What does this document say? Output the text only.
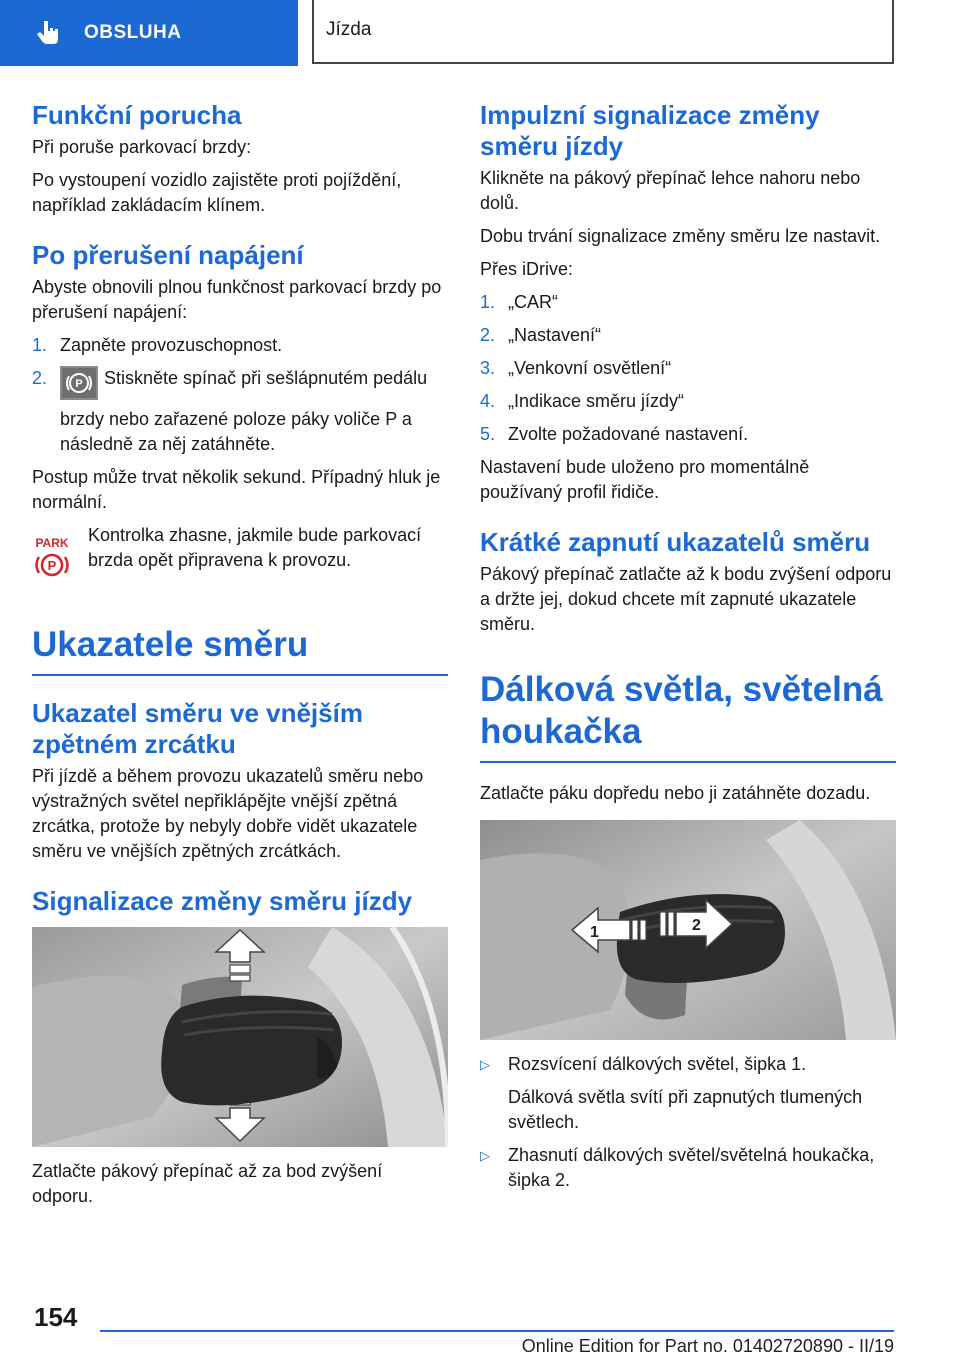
OBSLUHA	Jízda
Funkční porucha

Při poruše parkovací brzdy:

Po vystoupení vozidlo zajistěte proti pojíždění, například zakládacím klínem.

Po přerušení napájení

Abyste obnovili plnou funkčnost parkovací brzdy po přerušení napájení:

1. Zapněte provozuschopnost.
2.	P Stiskněte spínač při sešlápnutém pedálu brzdy nebo zařazené poloze páky voliče P a následně za něj zatáhněte.

Postup může trvat několik sekund. Případný hluk je normální.

PARK
P

Kontrolka zhasne, jakmile bude parkovací brzda opět připravena k provozu.

Ukazatele směru
Ukazatel směru ve vnějším zpětném zrcátku

Při jízdě a během provozu ukazatelů směru nebo výstražných světel nepřiklápějte vnější zpětná zrcátka, protože by nebyly dobře vidět ukazatele směru ve vnějších zpětných zrcátkách.

Signalizace změny směru jízdy

Zatlačte pákový přepínač až za bod zvýšení odporu.

Impulzní signalizace změny směru jízdy

Klikněte na pákový přepínač lehce nahoru nebo dolů.

Dobu trvání signalizace změny směru lze nastavit.

Přes iDrive:

1. „CAR“
2. „Nastavení“
3. „Venkovní osvětlení“
4. „Indikace směru jízdy“
5. Zvolte požadované nastavení.

Nastavení bude uloženo pro momentálně používaný profil řidiče.

Krátké zapnutí ukazatelů směru

Pákový přepínač zatlačte až k bodu zvýšení odporu a držte jej, dokud chcete mít zapnuté ukazatele směru.

Dálková světla, světelná houkačka

Zatlačte páku dopředu nebo ji zatáhněte dozadu.

1	2
▷	Rozsvícení dálkových světel, šipka 1.
Dálková světla svítí při zapnutých tlumených světlech.
▷	Zhasnutí dálkových světel/světelná houkačka, šipka 2.
154
Online Edition for Part no. 01402720890 - II/19
